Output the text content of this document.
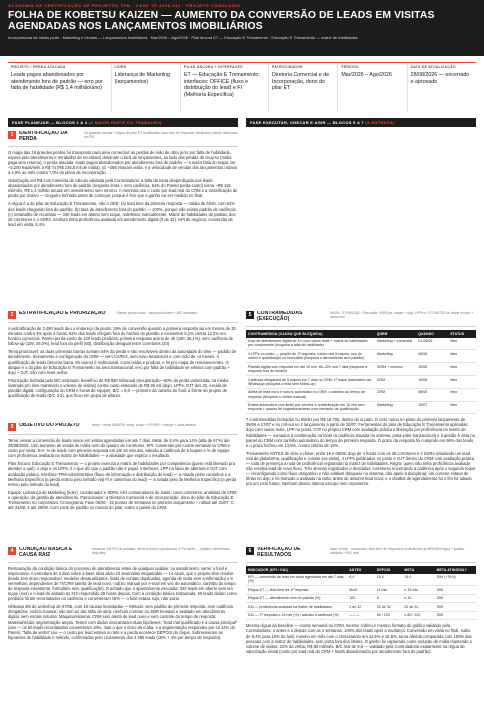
ACADEMIA DE CERTIFICAÇÃO DE PROJETOS TPM · CASE TP-2026-011 · PROJETO CONCLUÍDO
FOLHA DE KOBETSU KAIZEN — AUMENTO DA CONVERSÃO DE LEADS EM VISITAS AGENDADAS NOS LANÇAMENTOS IMOBILIÁRIOS
Incorporadora de médio porte · Marketing e Vendas — Lançamentos Imobiliários · Mar/2026 – Ago/2026 · Pilar âncora ET — Educação E Treinamento · Educação E Treinamento — matriz de habilidades
PROJETO / PERDA ATACADA
Leads pagos abandonados por atendimento fora de padrão — erro por falta de habilidade (R$ 1,4 milhão/ano)
LÍDER
Liderança de Marketing (lançamentos)
PILAR ÂNCORA + INTERFACES
ET — Educação E Treinamento; interfaces: OFFICE (fluxo e distribuição do lead) e FI (Melhoria Específica)
PATROCINADOR
Diretoria Comercial e de Incorporação, dono do pilar ET
PERÍODO
Mar/2026 – Ago/2026
DATA DE ATUALIZAÇÃO
28/08/2026 — encerrado e aprovado
FASE PLANEJAR — BLOCOS 1 A 4 (A MAIOR PARTE DO TRABALHO)	FASE EXECUTAR, CHECAR E AGIR — BLOCOS 5 A 7 (A ENTREGA)
1	IDENTIFICAÇÃO DA PERDA
16 grandes perdas + régua de pilar ET mobilizada; base-line de resposta; retrabalho; perda valorizada em R$

O mapa das 16 grandes perdas foi transposto para area comercial: as perdas de mão de obra (erro por falta de habilidade, espera pelo atendimento e retrabalho de recontato) dominam o funil de lançamentos, ao lado das perdas de recurso (mídia paga sem retorno). A perda atacada: leads pagos abandonados por atendimento fora de padrão — a maior fatia do mapa. De ~3.200 leads/mês à R$ 74 (R$ 236,8 mil de mídia), só ~269 viravam visita, e a velocidade de vendas dos lançamentos rodava a 4,9% ao mês contra 7,0% do plano de incorporação.

Valorização em R$ com memória de cálculo validada pela Controladoria: a falta da meta desperdiçada nos leads abandonados por atendimento fora de padrão (resposta lenta + sem cadência, 64% do Pareto perda-custo) soma ~R$ 118 mil/mês, R$ 1,4 milhão anuais em investimento sem retorno. A memória usa o custo por lead real do CRM e a classificação de perda por motivo — ninguém fechada antes de começar, porque é feio que o ganho vai ser medido no final.

A régua é a do pilar de Educação E Treinamento, não o OEE: (a) lead time da primeira resposta — média de 6h40, com 62% dos leads chegando fora do padrão; (b) taxa de atendimento fora do padrão — 100%, porque não existia padrão de cadência; (c) retrabalho de recontato — 340 leads em aberto sem toque, redefeitos manualmente. Matriz de habilidades de partida: dos 28 corretores e 4 SDRs, nenhum tinha proficiência avaliada em atendimento digital (0 de 32). KPI de negócio: conversão de lead em visita, 8,4%.

2	ESTRATIFICAÇÃO E PRIORIZAÇÃO	Pareto perda-custo · tarea priorizável + B/C estimado

A estratificação de 2.480 leads deu o endereço da perda: 19% de conversão quando a primeira resposta sai em menos de 30 minutos contra 4% após 4 horas; 62% dos leads chegam fora do horário do plantão e convertem 5,1% contra 12,2% em horário comercial. Pareto perda-custo de 420 leads perdidos: primeira resposta acima de 4h (180, 36,1%), sem cadência de follow-up (109, 26,0%), lead fora do perfil (60), distribuição desigual entre corretores (20).

Tema priorizavel: as duas primeiras barras somam 64% da perda e são resolvíveis dentro da autoridade do time — padrão de atendimento, treinamento e configuração do CRM — sem CAPEX, sem novo headcount e com ciclo de ~3 meses. A qualificação de leads (terceira barra, 60 casos) é multicausal, cruza mídia e produto, e foi pro mapa de remanescentes. O ataque é o do pilar de Educação E Treinamento na área transacional: erro por falta de habilidade se elimina com padrão + dojo + OJT, não com mais verba.

Priorização fechada pelo B/C estimado: benefício de R$ 850 mil/anual (recuperação ~60% da perda valorizada, na média ilustrada pro time mantendo o volume de visitas) contra custo estimado de R$ 95 mil (dojo, LPPs, OJT dos 32, escala de plantão digital, configuração do CRM e horas de equipe): B/C = 9,0 — primeiro da carteira do funil, à frente do projeto de qualificação de leads (B/C 3,5), que ficou em grupo de pilares.

3	OBJETIVO DO PROJETO	tema + meta SMARTs; cinta; prazo + KPI/RH + equipe + data ativaca

Tema: elevar a conversão de leads novos em visitas agendadas em até 7 dias. Meta: de 8,4% para 14% (alta de 67%) até 28/08/2026, com aumento de venda de mídia nem do quadro de corretores. KPI: conversão por coorte semanal no CRM e custo por visita. KAI: % de leads com primeira resposta em até 15 minutos, adesão à cadência de 5 toques e % de equipe com proficiência avaliada na matriz de habilidades — a atividade que explica o resultado.

Pilar âncora: Educação E Treinamento — o projeto exercita a matriz de habilidades por competência (quem está liberado pra atender o quê), o dojo e os LPPs; é o que diz que o padrão não é papel. Interfaces: LPP na faixa de abertura e OJT com avaliação prática. Interface TPM Administrativo (fluxo de informação e distribuição do lead) — a rotada pelos caminhos e a Melhoria Específica (a perda entrou pelo método via) FI e caminhos do lead) — a rotada pelo de Melhoria Específica (a perda entrou pelo método do lead).

Equipe: Liderança de Marketing (líder); coordenador e SDRs; três consumidores de leads; cinco corretores; analistas de CRM e operação, da gestão de atendimento. Patrocinador: a Diretoria Comercial e de Incorporação, dono do pilar de Educação E Treinamento no corporativo. Cronograma: Fase 05/06 · 22 pontos de semanas no primeiro lançamento + rollout até 31/07, C até 31/08, 4 até 28/08. Com corte de padrão no mundo do pilar, sobre o painel do CRM.

4	CONDIÇÃO BÁSICA E CAUSA RAIZ
restaurar ANTES de analisar: serve a funil e operacional; 4 Por quês → objetivo desenhado dirty-dirty

Restauração da condição básica do processo de atendimento antes de qualquer análise: no atendimento, varrer o funil é inspecionar. A varredura de 3 dias sobre a base ativa abriu 23 anomalias etiquetadas — 14 azuis, que o próprio time resolve (leads sem dono responsável, modelos desatualizados, listas de contato duplicadas, agenda de visita sem confirmação) e 9 vermelhas, dependentes de TI/CRM (alerta de lead novo, rodízio manual por e-mail em vez de automático, carimbo do tempo de resposta inexistente, formulário sem qualificação). O achado que o apontamento escondia: 340 leads em aberto sem um toque (nos) e o lead de sábado às 21h respondido 28 horas depois. Com a condição básica restaurada, 60 leads daíam como perdidos foram recontatados na cadência e converteram 18% — o funil estava sujo, não vazio.

Ishikawa 4M do workshop de 07/05, com 18 causas levantadas — Método: sem padrão de primeira resposta, sem cadência obrigatória, rodízio manual; não tem ao dia; Mão de obra: nenhum corretor ou SDR treinado e avaliado em atendimento digital, sem escala noturna; Máquina/sistema: CRM sem alerta de lead novo e sem controle do tempo de resposta; Material/mídia: segmentação ampla. Testes com dados descartaram duas hipóteses: "lead mal qualificado é a causa principal" (aos — os 60 leads recontatados converteram 18%, mas o que o dono da mídia, e a segmentação respondeu por só 12% do Pareto; "falta de verba" (ao — o custo por lead estava no teto e a perda acontece DEPOIS do clique. Sobreviveram as hipóteses de habilidade e método, confirmadas pelo cruzamento dos 2 480 leads (19% + 4% por tempo de resposta).

5	CONTRAMEDIDAS (EXECUÇÃO)
5W2H · 07/08/2026 · Execução: 09/01/ye: nasas + dojo, LPPs e OJT ANTES de ativar e fluxo + direcionar
CONTRAMEDIDA (CAUSA QUE BLOQUEIA)	QUEM	QUANDO	STATUS
Dojo de atendimento digital de 4 h com casos reais + matriz de habilidades por componente (bloqueia a falta de habilidade)	Marketing + comercial	01-06/06	feito
4 LPPs no posto — propõe de 1ª resposta, roteiro dos 5 toques, uso do roteiro e qualificação no formulário (bloqueia o atendimento sem padrão)	Marketing	06/06	feito
Plantão digital com resposta em até 10 min; 8h–22h nos 7 dias (bloqueia a resposta fora do horário)	SDRs + corretor	10/06	feito
Cadência obrigatória de 5 toques em 7 dias no CRM; 1º toque automático via WhatsApp (bloqueia o lead sem follow-up)	CRM	16/06	feito
Alerta de lead novo e rodízio automático no CRM; o carimbo do tempo de resposta (bloqueia o rodízio manual)	CRM	08/06	feito
Rotina automática com limite por corretor e redistribuição em 15 min sem resposta + quadro de sugestionamento com formador de qualificação	Marketing	10/07	feito

7 contramedidas fechadas no 5W2H por R$ 16.700, dentro do orçado. O ciclo rodou no piloto do primeiro lançamento de 09/06 a 17/07 e no roll-out no 2 lançamento a partir de 20/07. Ferramentas do pilar de Educação E Treinamento aplicadas: dojo com casos reais, LPP no posto, OJT no próprio CRM com avaliação prática e liberação por proficiência na matriz de habilidades — somados à combinação na fonte (a cadência travada no sistema, poka-yoke transacional) e à gestão à vista no painel do CRM com carimbo automático do tempo da primeira resposta. O prazo da resposta foi cumprido em 96% dos leads e o prazo fechou em 13,6%, contra critério de 12%.

Treinamento ANTES de virar a chave, entre 18 e 05/06: dojo de 4 horas com os 28 corretores e 4 SDRs simulando um lead real da plataforma, qualificação e convite pra visita), 4 LPPs publicados no posto e OJT dentro do CRM com avaliação prática — toda de presença a nota de proficiência registrada na matriz de habilidades. Regra: quem não tinha proficiência avaliada não recebia lead de novo fluxo. Três desvios registrados e decididos: corretores encerrando a cadência após o segundo toque — reconfigurado como fluxo obrigatório e não editável (bloqueio no sistema, não apelo à disciplina); um corretor estava de férias no dojo e foi treinado a avaliado na volta, antes de assumir lead novo; e o chatbot de agendamento foi o fim foi adiado pra um ciclo futuro. Nenhum desvio alterou escopo nem orçamento.

6	VERIFICAÇÃO DE RESULTADOS
base 1ªresp · conversão, final time de resposta e proficiência na MEDIAN régua + gráfico validado + B/C real
INDICADOR (KPI / KAI)	ANTES	DEPOIS	META	META ATINGIDA?
KPI — conversão de lead em visita agendada em até 7 dias (%)	8,4	16,0	14,0	SIM (+76%)
Régua ET — lead time da 1ª resposta	6h40	11 min	≤ 15 min	SIM
Régua ET — atendimento fora do padrão (%)	100	6	≤ 10	SIM
KAI — proficiência avaliada na matriz de habilidades	0 de 32	32 de 32	32 de 32	SIM
KAI — 1ª resposta ≤ 15 min (%) / adesão à cadência (%)	— / —	90 / 100	≥ 80 / 100	SIM

Mesma régua da baseline — coorte semanal no CRM, mesmo critério e mesmo formato de gráfico validado pela Controladoria: o antes e o depois com as 4 semanas, 100% dos leads após a mudança. Conversão em visita no final, subiu de 8,4% para 16% do funil, mesmo em mês com o crescimento em 12,5% e 15,8%, torna aferida comparada com 100% das pessoas com a matriz de habilidades, sem porta fora dos limites. O ganho foi capturado como redução de mídia mantendo o volume de visitas: 22% da verba, R$ 80 mil/mês. B/C real de 9,8 — validado pela Controladoria exatamente na régua de valorização inicial (custo por lead real do CRM + leads abandonados por atendimento fora do padrão).
